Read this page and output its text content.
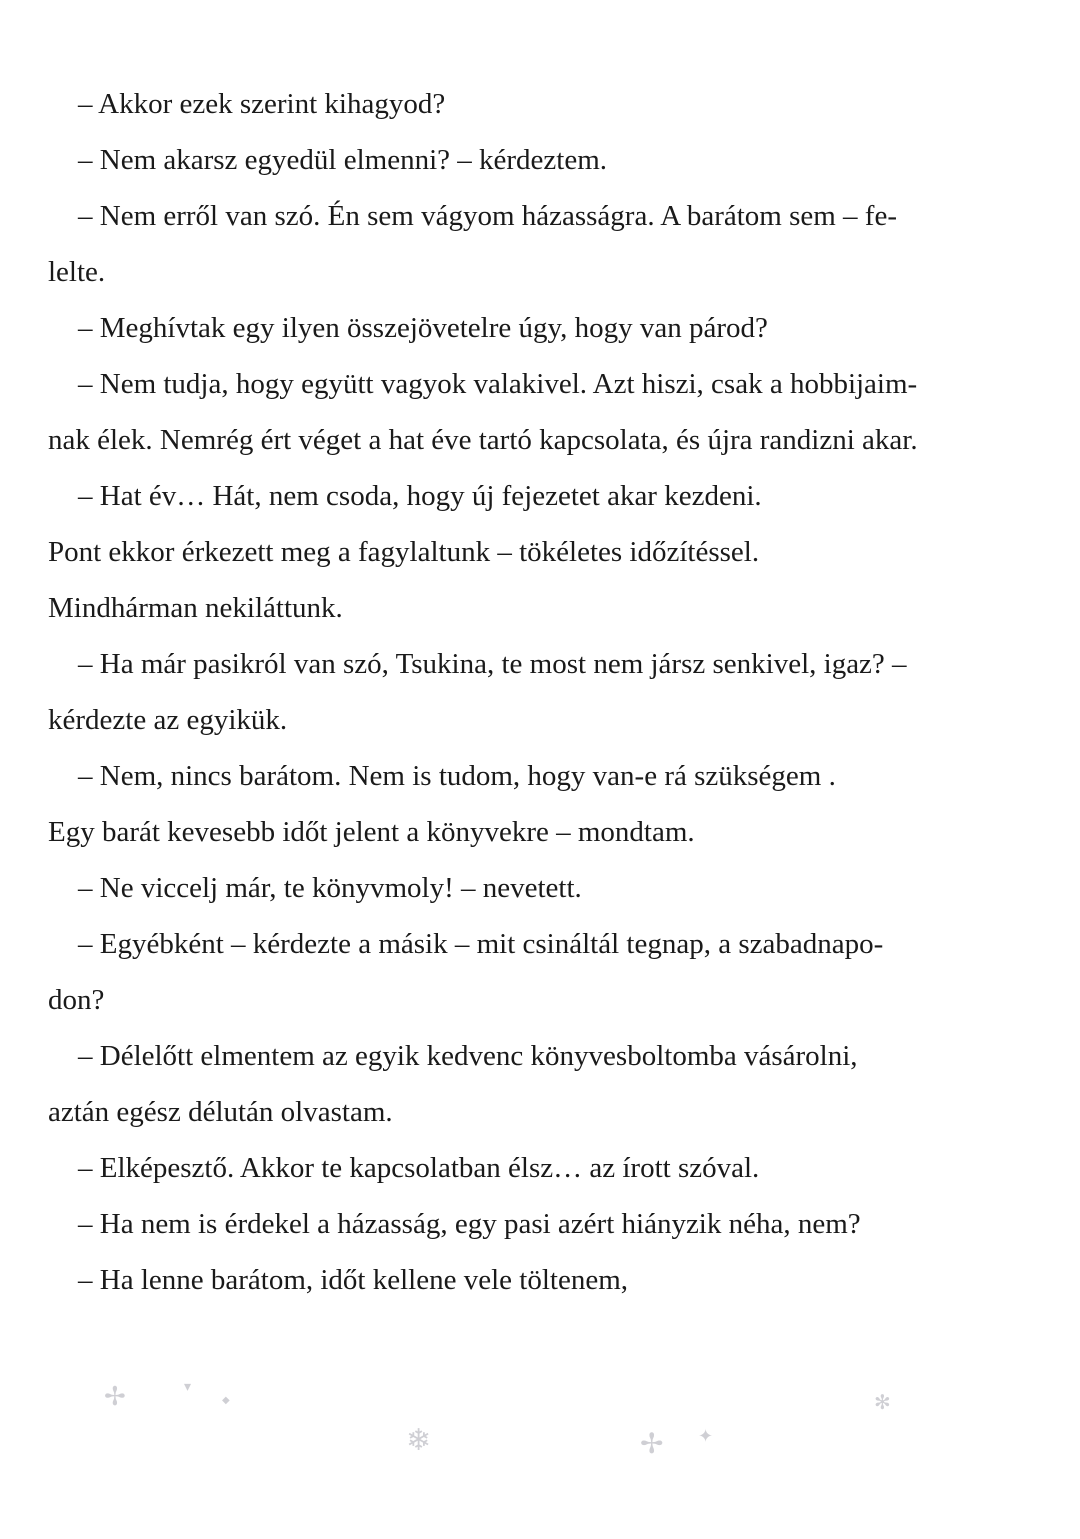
– Akkor ezek szerint kihagyod?
– Nem akarsz egyedül elmenni? – kérdeztem.
– Nem erről van szó. Én sem vágyom házasságra. A barátom sem – fe-
lelte.
– Meghívtak egy ilyen összejövetelre úgy, hogy van párod?
– Nem tudja, hogy együtt vagyok valakivel. Azt hiszi, csak a hobbijaim-
nak élek. Nemrég ért véget a hat éve tartó kapcsolata, és újra randizni akar.
– Hat év… Hát, nem csoda, hogy új fejezetet akar kezdeni.
Pont ekkor érkezett meg a fagylaltunk – tökéletes időzítéssel.
Mindhárman nekiláttunk.
– Ha már pasikról van szó, Tsukina, te most nem jársz senkivel, igaz? –
kérdezte az egyikük.
– Nem, nincs barátom. Nem is tudom, hogy van-e rá szükségem .
Egy barát kevesebb időt jelent a könyvekre – mondtam.
– Ne viccelj már, te könyvmoly! – nevetett.
– Egyébként – kérdezte a másik – mit csináltál tegnap, a szabadnapo-
don?
– Délelőtt elmentem az egyik kedvenc könyvesboltomba vásárolni,
aztán egész délután olvastam.
– Elképesztő. Akkor te kapcsolatban élsz… az írott szóval.
– Ha nem is érdekel a házasság, egy pasi azért hiányzik néha, nem?
– Ha lenne barátom, időt kellene vele töltenem,
✢	▾
◆
❄	✢ ✦
✻
